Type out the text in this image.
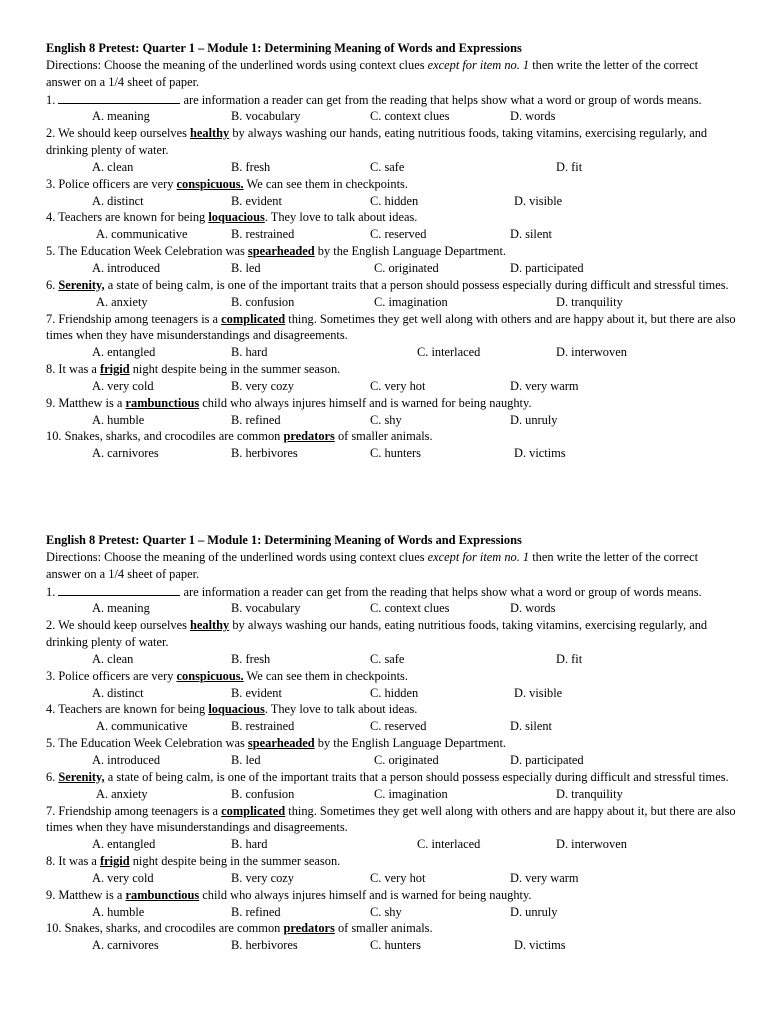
English 8 Pretest: Quarter 1 – Module 1: Determining Meaning of Words and Expressions
Directions: Choose the meaning of the underlined words using context clues except for item no. 1 then write the letter of the correct answer on a 1/4 sheet of paper.
1.	are information a reader can get from the reading that helps show what a word or group of words means.
A. meaning	B. vocabulary	C. context clues	D. words
2. We should keep ourselves healthy by always washing our hands, eating nutritious foods, taking vitamins, exercising regularly, and drinking plenty of water.
A. clean	B. fresh	C. safe	D. fit
3. Police officers are very conspicuous. We can see them in checkpoints.
A. distinct	B. evident	C. hidden	D. visible
4. Teachers are known for being loquacious. They love to talk about ideas.
A. communicative	B. restrained	C. reserved	D. silent
5. The Education Week Celebration was spearheaded by the English Language Department.
A. introduced	B. led	C. originated	D. participated
6. Serenity, a state of being calm, is one of the important traits that a person should possess especially during difficult and stressful times.
A. anxiety	B. confusion	C. imagination	D. tranquility
7. Friendship among teenagers is a complicated thing. Sometimes they get well along with others and are happy about it, but there are also times when they have misunderstandings and disagreements.
A. entangled	B. hard	C. interlaced	D. interwoven
8. It was a frigid night despite being in the summer season.
A. very cold	B. very cozy	C. very hot	D. very warm
9. Matthew is a rambunctious child who always injures himself and is warned for being naughty.
A. humble	B. refined	C. shy	D. unruly
10. Snakes, sharks, and crocodiles are common predators of smaller animals.
A. carnivores	B. herbivores	C. hunters	D. victims
English 8 Pretest: Quarter 1 – Module 1: Determining Meaning of Words and Expressions
Directions: Choose the meaning of the underlined words using context clues except for item no. 1 then write the letter of the correct answer on a 1/4 sheet of paper.
1.	are information a reader can get from the reading that helps show what a word or group of words means.
A. meaning	B. vocabulary	C. context clues	D. words
2. We should keep ourselves healthy by always washing our hands, eating nutritious foods, taking vitamins, exercising regularly, and drinking plenty of water.
A. clean	B. fresh	C. safe	D. fit
3. Police officers are very conspicuous. We can see them in checkpoints.
A. distinct	B. evident	C. hidden	D. visible
4. Teachers are known for being loquacious. They love to talk about ideas.
A. communicative	B. restrained	C. reserved	D. silent
5. The Education Week Celebration was spearheaded by the English Language Department.
A. introduced	B. led	C. originated	D. participated
6. Serenity, a state of being calm, is one of the important traits that a person should possess especially during difficult and stressful times.
A. anxiety	B. confusion	C. imagination	D. tranquility
7. Friendship among teenagers is a complicated thing. Sometimes they get well along with others and are happy about it, but there are also times when they have misunderstandings and disagreements.
A. entangled	B. hard	C. interlaced	D. interwoven
8. It was a frigid night despite being in the summer season.
A. very cold	B. very cozy	C. very hot	D. very warm
9. Matthew is a rambunctious child who always injures himself and is warned for being naughty.
A. humble	B. refined	C. shy	D. unruly
10. Snakes, sharks, and crocodiles are common predators of smaller animals.
A. carnivores	B. herbivores	C. hunters	D. victims
